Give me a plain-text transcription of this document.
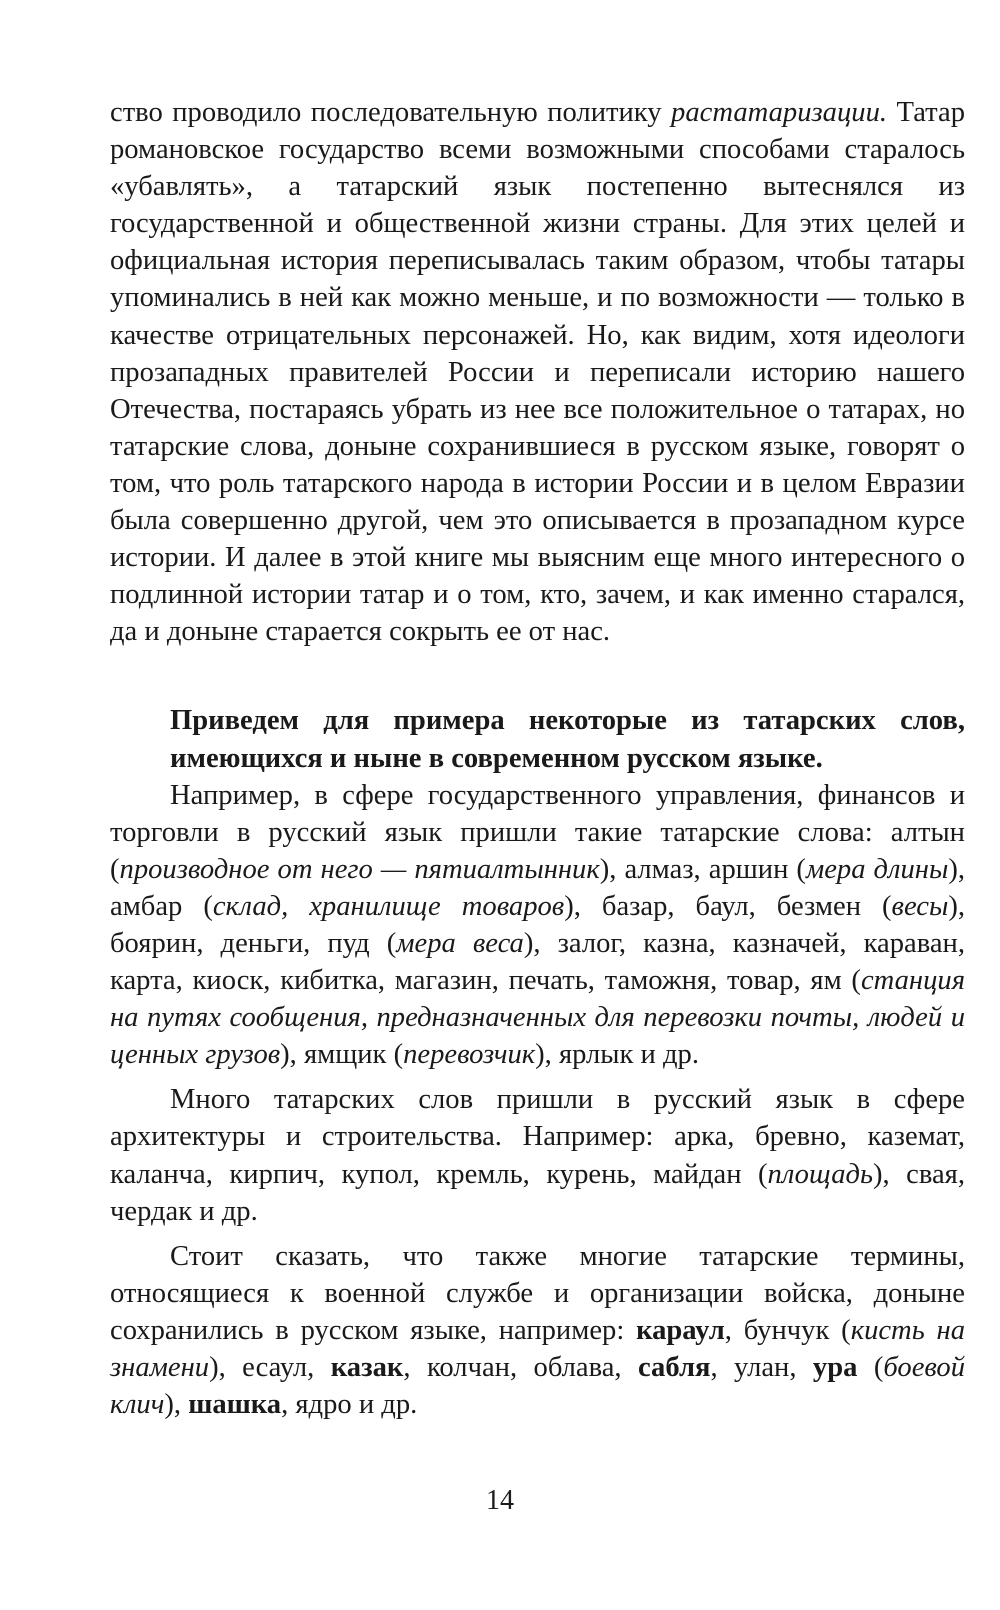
ство проводило последовательную политику растатаризации. Татар романовское государство всеми возможными способами старалось «убавлять», а татарский язык постепенно вытеснялся из государственной и общественной жизни страны. Для этих целей и официальная история переписывалась таким образом, чтобы татары упоминались в ней как можно меньше, и по возможности — только в качестве отрицательных персонажей. Но, как видим, хотя идеологи прозападных правителей России и переписали историю нашего Отечества, постараясь убрать из нее все положительное о татарах, но татарские слова, доныне сохранившиеся в русском языке, говорят о том, что роль татарского народа в истории России и в целом Евразии была совершенно другой, чем это описывается в прозападном курсе истории. И далее в этой книге мы выясним еще много интересного о подлинной истории татар и о том, кто, зачем, и как именно старался, да и доныне старается сокрыть ее от нас.

Приведем для примера некоторые из татарских слов, имеющихся и ныне в современном русском языке.

Например, в сфере государственного управления, финансов и торговли в русский язык пришли такие татарские слова: алтын (производное от него — пятиалтынник), алмаз, аршин (мера длины), амбар (склад, хранилище товаров), базар, баул, безмен (весы), боярин, деньги, пуд (мера веса), залог, казна, казначей, караван, карта, киоск, кибитка, магазин, печать, таможня, товар, ям (станция на путях сообщения, предназначенных для перевозки почты, людей и ценных грузов), ямщик (перевозчик), ярлык и др.

Много татарских слов пришли в русский язык в сфере архитектуры и строительства. Например: арка, бревно, каземат, каланча, кирпич, купол, кремль, курень, майдан (площадь), свая, чердак и др.

Стоит сказать, что также многие татарские термины, относящиеся к военной службе и организации войска, доныне сохранились в русском языке, например: караул, бунчук (кисть на знамени), есаул, казак, колчан, облава, сабля, улан, ура (боевой клич), шашка, ядро и др.

14
